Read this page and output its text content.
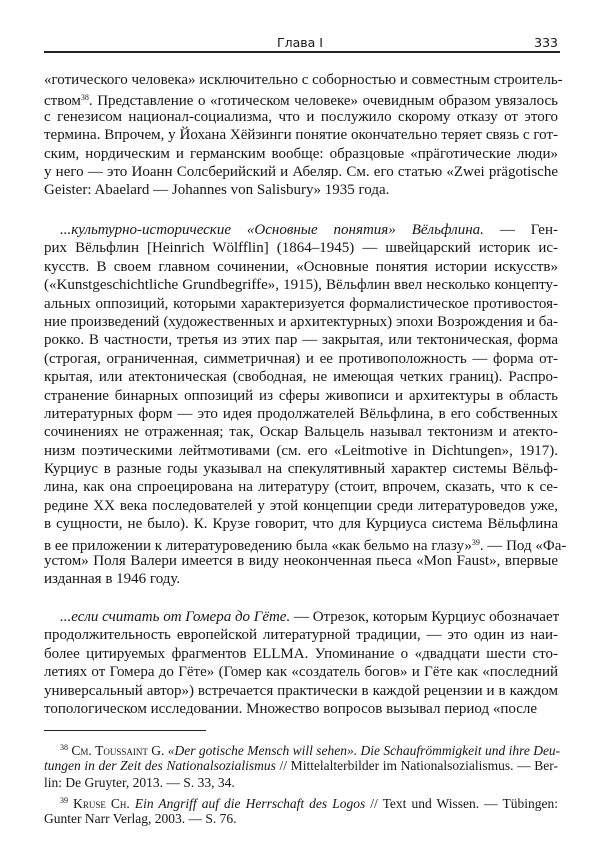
Глава I	333
«готического человека» исключительно с соборностью и совместным строитель-
ством$^{38}$. Представление о «готическом человеке» очевидным образом увязалось
с генезисом национал-социализма, что и послужило скорому отказу от этого
термина. Впрочем, у Йохана Хёйзинги понятие окончательно теряет связь с гот-
ским, нордическим и германским вообще: образцовые «прäготические люди»
у него — это Иоанн Солсберийский и Абеляр. См. его статью «Zwei prägotische
Geister: Abaelard — Johannes von Salisbury» 1935 года.
...культурно-исторические «Основные понятия» Вёльфлина. — Ген-
рих Вёльфлин [Heinrich Wölfflin] (1864–1945) — швейцарский историк ис-
кусств. В своем главном сочинении, «Основные понятия истории искусств»
(«Kunstgeschichtliche Grundbegriffe», 1915), Вёльфлин ввел несколько концепту-
альных оппозиций, которыми характеризуется формалистическое противостоя-
ние произведений (художественных и архитектурных) эпохи Возрождения и ба-
рокко. В частности, третья из этих пар — закрытая, или тектоническая, форма
(строгая, ограниченная, симметричная) и ее противоположность — форма от-
крытая, или атектоническая (свободная, не имеющая четких границ). Распро-
странение бинарных оппозиций из сферы живописи и архитектуры в область
литературных форм — это идея продолжателей Вёльфлина, в его собственных
сочинениях не отраженная; так, Оскар Вальцель называл тектонизм и атекто-
низм поэтическими лейтмотивами (см. его «Leitmotive in Dichtungen», 1917).
Курциус в разные годы указывал на спекулятивный характер системы Вёльф-
лина, как она спроецирована на литературу (стоит, впрочем, сказать, что к се-
редине XX века последователей у этой концепции среди литературоведов уже,
в сущности, не было). К. Крузе говорит, что для Курциуса система Вёльфлина
в ее приложении к литературоведению была «как бельмо на глазу»$^{39}$. — Под «Фа-
устом» Поля Валери имеется в виду неоконченная пьеса «Mon Faust», впервые
изданная в 1946 году.
...если считать от Гомера до Гёте. — Отрезок, которым Курциус обозначает
продолжительность европейской литературной традиции, — это один из наи-
более цитируемых фрагментов ELLMA. Упоминание о «двадцати шести сто-
летиях от Гомера до Гёте» (Гомер как «создатель богов» и Гёте как «последний
универсальный автор») встречается практически в каждой рецензии и в каждом
топологическом исследовании. Множество вопросов вызывал период «после
$^{38}$ См. Toussaint G. «Der gotische Mensch will sehen». Die Schaufrömmigkeit und ihre Deu-
tungen in der Zeit des Nationalsozialismus // Mittelalterbilder im Nationalsozialismus. — Ber-
lin: De Gruyter, 2013. — S. 33, 34.
$^{39}$ Kruse Ch. Ein Angriff auf die Herrschaft des Logos // Text und Wissen. — Tübingen:
Gunter Narr Verlag, 2003. — S. 76.
